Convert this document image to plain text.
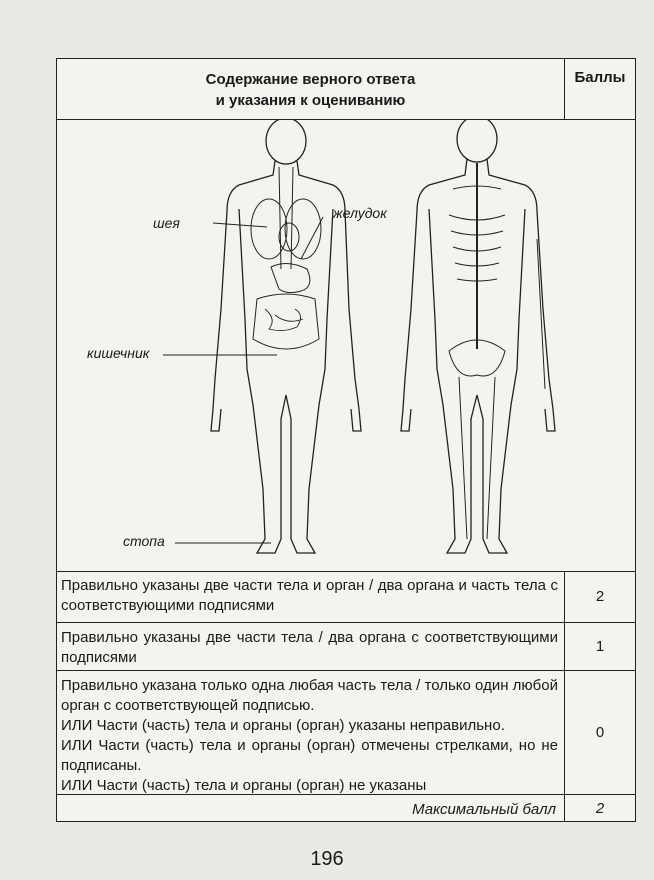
Содержание верного ответа
и указания к оцениванию
Баллы
шея
желудок
кишечник
стопа
Правильно указаны две части тела и орган / два органа и часть тела с соответствующими подписями
2
Правильно указаны две части тела / два органа с соответствующими подписями
1
Правильно указана только одна любая часть тела / только один любой орган с соответствующей подписью.
ИЛИ Части (часть) тела и органы (орган) указаны неправильно.
ИЛИ Части (часть) тела и органы (орган) отмечены стрелками, но не подписаны.
ИЛИ Части (часть) тела и органы (орган) не указаны
0
Максимальный балл	2
196
